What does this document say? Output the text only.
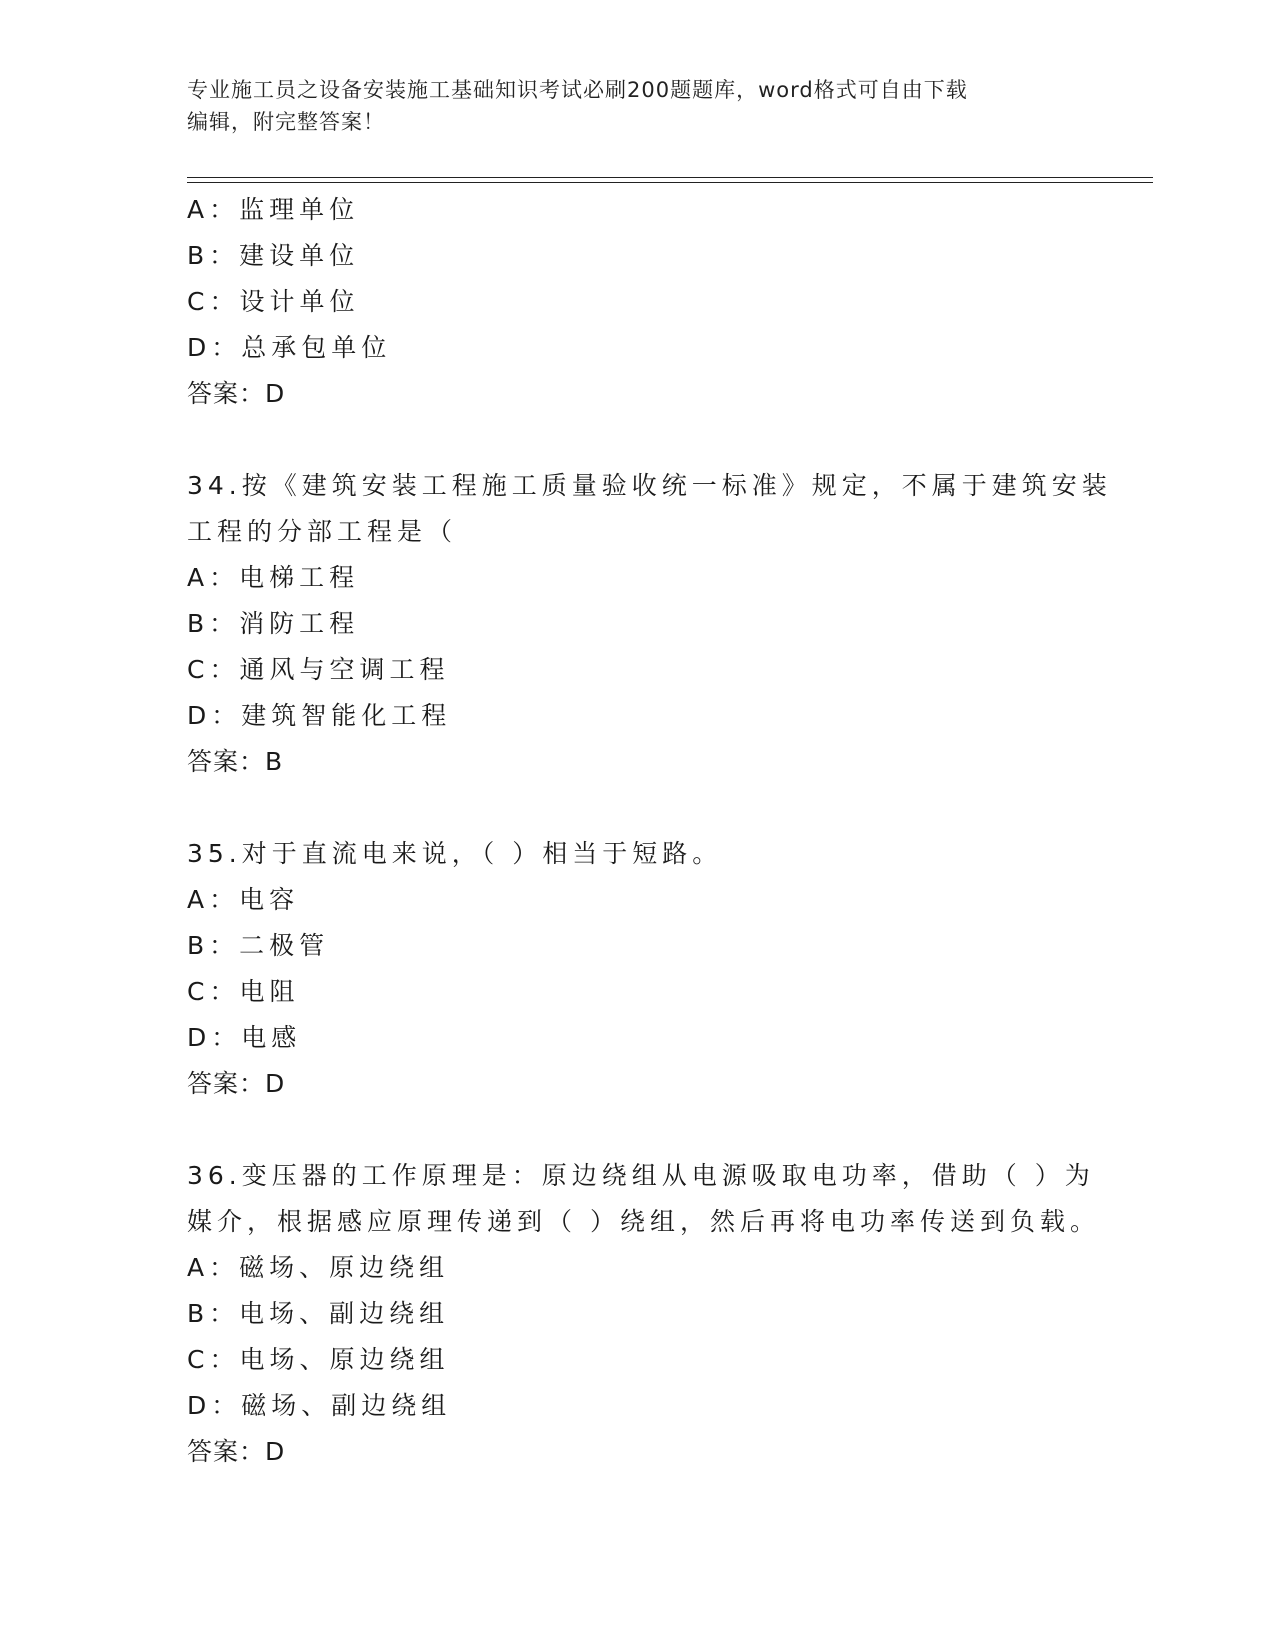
专业施工员之设备安装施工基础知识考试必刷200题题库，word格式可自由下载
编辑，附完整答案！
A：监理单位
B：建设单位
C：设计单位
D：总承包单位
答案：D
34.按《建筑安装工程施工质量验收统一标准》规定，不属于建筑安装
工程的分部工程是（
A：电梯工程
B：消防工程
C：通风与空调工程
D：建筑智能化工程
答案：B
35.对于直流电来说，（ ）相当于短路。
A：电容
B：二极管
C：电阻
D：电感
答案：D
36.变压器的工作原理是：原边绕组从电源吸取电功率，借助（ ）为
媒介，根据感应原理传递到（ ）绕组，然后再将电功率传送到负载。
A：磁场、原边绕组
B：电场、副边绕组
C：电场、原边绕组
D：磁场、副边绕组
答案：D
